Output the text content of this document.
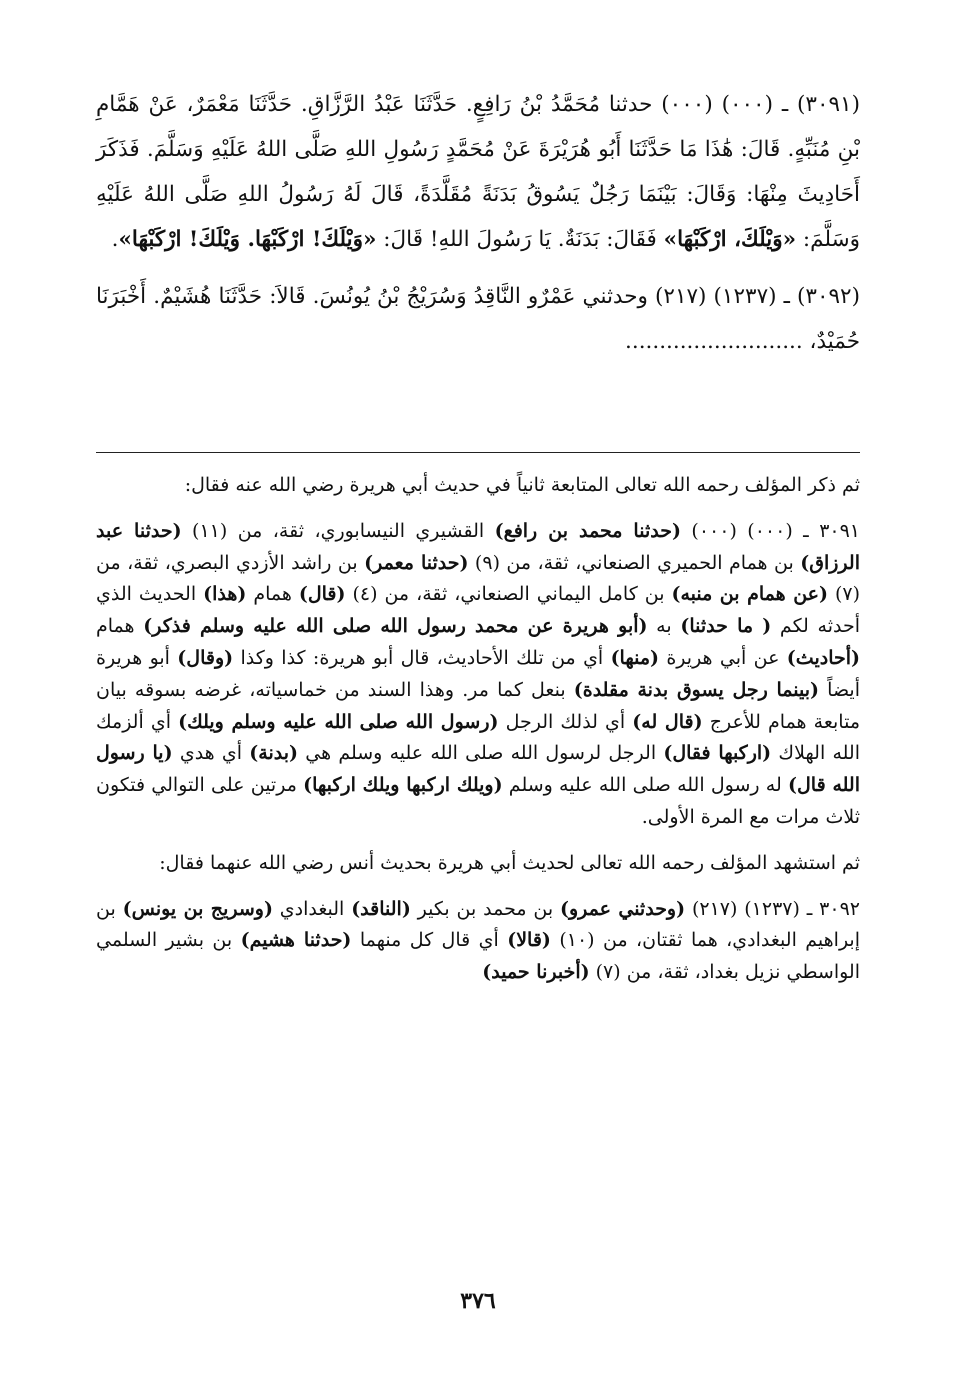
(٣٠٩١) ـ (٠٠٠) (٠٠٠) حدثنا مُحَمَّدُ بْنُ رَافِعٍ. حَدَّثَنَا عَبْدُ الرَّزَّاقِ. حَدَّثَنَا مَعْمَرٌ، عَنْ هَمَّامِ بْنِ مُنَبِّهٍ. قَالَ: هَٰذَا مَا حَدَّثَنَا أَبُو هُرَيْرَةَ عَنْ مُحَمَّدٍ رَسُولِ اللهِ صَلَّى اللهُ عَلَيْهِ وَسَلَّمَ. فَذَكَرَ أَحَادِيثَ مِنْهَا: وَقَالَ: بَيْنَمَا رَجُلٌ يَسُوقُ بَدَنَةً مُقَلَّدَةً، قَالَ لَهُ رَسُولُ اللهِ صَلَّى اللهُ عَلَيْهِ وَسَلَّمَ: «وَيْلَكَ، ارْكَبْهَا» فَقَالَ: بَدَنَةٌ. يَا رَسُولَ اللهِ! قَالَ: «وَيْلَكَ! ارْكَبْهَا. وَيْلَكَ! ارْكَبْهَا».

(٣٠٩٢) ـ (١٢٣٧) (٢١٧) وحدثني عَمْرٌو النَّاقِدُ وَسُرَيْجُ بْنُ يُونُسَ. قَالاَ: حَدَّثَنَا هُشَيْمٌ. أَخْبَرَنَا حُمَيْدٌ، ..........................

ثم ذكر المؤلف رحمه الله تعالى المتابعة ثانياً في حديث أبي هريرة رضي الله عنه فقال:

٣٠٩١ ـ (٠٠٠) (٠٠٠) (حدثنا محمد بن رافع) القشيري النيسابوري، ثقة، من (١١) (حدثنا عبد الرزاق) بن همام الحميري الصنعاني، ثقة، من (٩) (حدثنا معمر) بن راشد الأزدي البصري، ثقة، من (٧) (عن همام بن منبه) بن كامل اليماني الصنعاني، ثقة، من (٤) (قال) همام (هذا) الحديث الذي أحدثه لكم ( ما حدثنا) به (أبو هريرة عن محمد رسول الله صلى الله عليه وسلم فذكر) همام (أحاديث) عن أبي هريرة (منها) أي من تلك الأحاديث، قال أبو هريرة: كذا وكذا (وقال) أبو هريرة أيضاً (بينما رجل يسوق بدنة مقلدة) بنعل كما مر. وهذا السند من خماسياته، غرضه بسوقه بيان متابعة همام للأعرج (قال له) أي لذلك الرجل (رسول الله صلى الله عليه وسلم ويلك) أي ألزمك الله الهلاك (اركبها فقال) الرجل لرسول الله صلى الله عليه وسلم هي (بدنة) أي هدي (يا رسول الله قال) له رسول الله صلى الله عليه وسلم (ويلك اركبها ويلك اركبها) مرتين على التوالي فتكون ثلاث مرات مع المرة الأولى.

ثم استشهد المؤلف رحمه الله تعالى لحديث أبي هريرة بحديث أنس رضي الله عنهما فقال:

٣٠٩٢ ـ (١٢٣٧) (٢١٧) (وحدثني عمرو) بن محمد بن بكير (الناقد) البغدادي (وسريج بن يونس) بن إبراهيم البغدادي، هما ثقتان، من (١٠) (قالا) أي قال كل منهما (حدثنا هشيم) بن بشير السلمي الواسطي نزيل بغداد، ثقة، من (٧) (أخبرنا حميد)

٣٧٦
